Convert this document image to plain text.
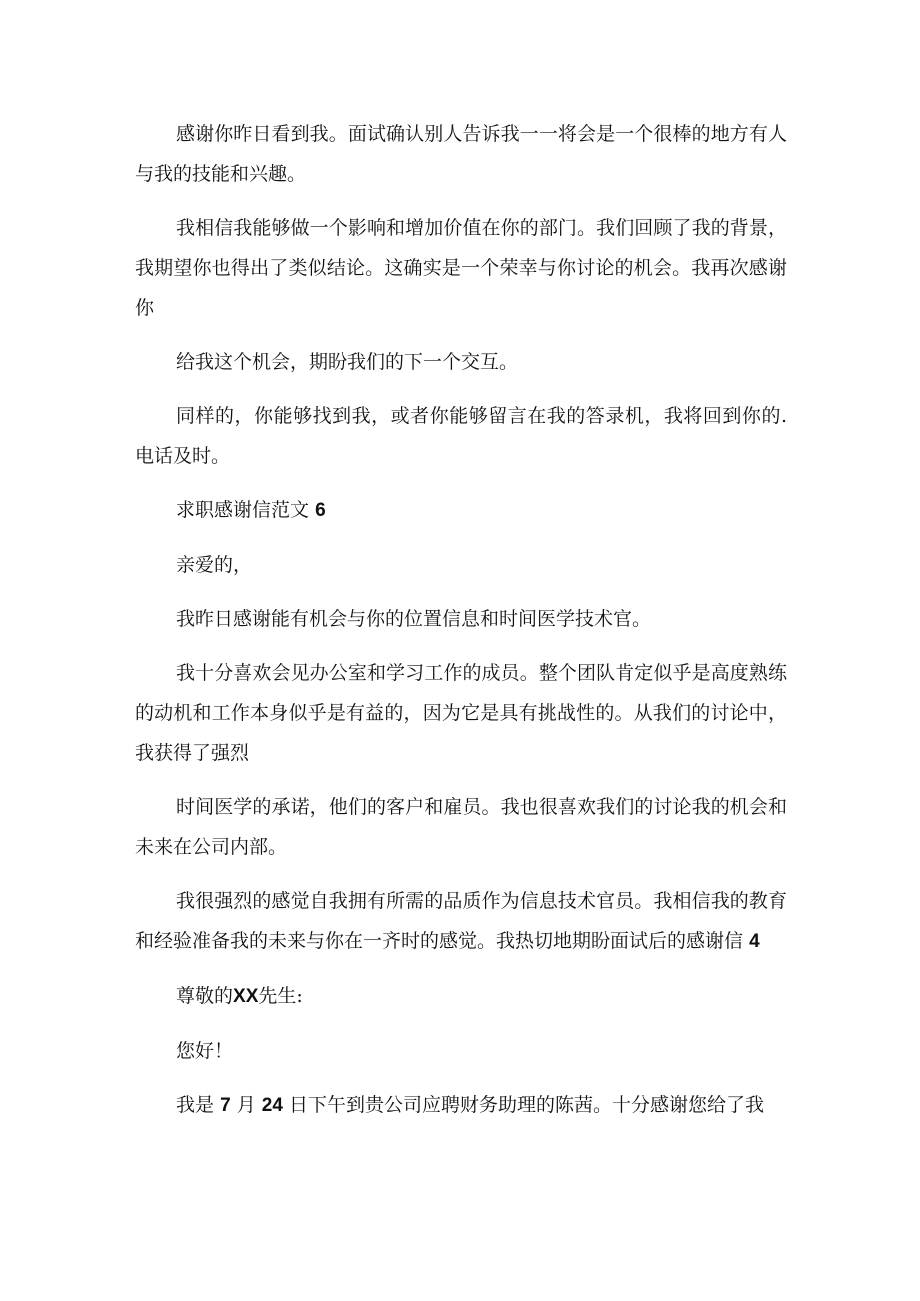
感谢你昨日看到我。面试确认别人告诉我一一将会是一个很棒的地方有人与我的技能和兴趣。

我相信我能够做一个影响和增加价值在你的部门。我们回顾了我的背景，我期望你也得出了类似结论。这确实是一个荣幸与你讨论的机会。我再次感谢你

给我这个机会，期盼我们的下一个交互。

同样的，你能够找到我，或者你能够留言在我的答录机，我将回到你的. 电话及时。

求职感谢信范文 6

亲爱的，

我昨日感谢能有机会与你的位置信息和时间医学技术官。

我十分喜欢会见办公室和学习工作的成员。整个团队肯定似乎是高度熟练的动机和工作本身似乎是有益的，因为它是具有挑战性的。从我们的讨论中，我获得了强烈

时间医学的承诺，他们的客户和雇员。我也很喜欢我们的讨论我的机会和未来在公司内部。

我很强烈的感觉自我拥有所需的品质作为信息技术官员。我相信我的教育和经验准备我的未来与你在一齐时的感觉。我热切地期盼面试后的感谢信 4

尊敬的XX先生:

您好！

我是 7 月 24 日下午到贵公司应聘财务助理的陈茜。十分感谢您给了我
